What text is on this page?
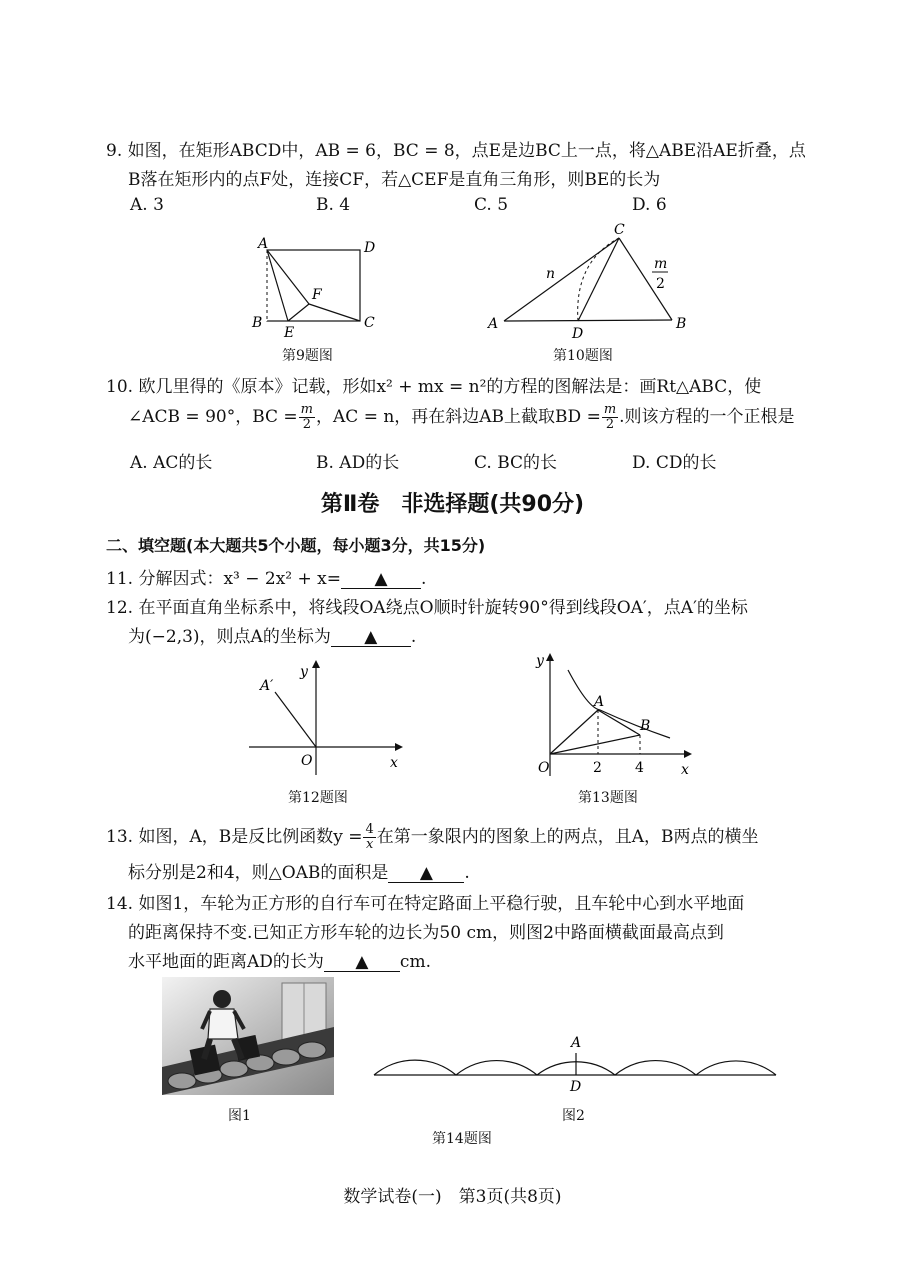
9. 如图，在矩形ABCD中，AB = 6，BC = 8，点E是边BC上一点，将△ABE沿AE折叠，点
B落在矩形内的点F处，连接CF，若△CEF是直角三角形，则BE的长为
A. 3	B. 4	C. 5	D. 6
A	D
F
B
E
C
第9题图
C
n
m
2
A
D
B
第10题图
10. 欧几里得的《原本》记载，形如x² + mx = n²的方程的图解法是：画Rt△ABC，使
∠ACB = 90°，BC = $\frac{m}{2}$ ，AC = n，再在斜边AB上截取BD = $\frac{m}{2}$ .则该方程的一个正根是
A. AC的长	B. AD的长	C. BC的长	D. CD的长
第Ⅱ卷　非选择题(共90分)
二、填空题(本大题共5个小题，每小题3分，共15分)
11. 分解因式：x³ − 2x² + x= ▲ .
12. 在平面直角坐标系中，将线段OA绕点O顺时针旋转90°得到线段OA′，点A′的坐标
为(−2,3)，则点A的坐标为 ▲ .
A′
y
O	x
第12题图
y
A
B
O	2 4	x
第13题图
13. 如图，A，B是反比例函数$y = \frac{4}{x}$ 在第一象限内的图象上的两点，且A，B两点的横坐
标分别是2和4，则△OAB的面积是 ▲ .
14. 如图1，车轮为正方形的自行车可在特定路面上平稳行驶，且车轮中心到水平地面
的距离保持不变.已知正方形车轮的边长为50 cm，则图2中路面横截面最高点到
水平地面的距离AD的长为 ▲ cm.
图1
A
D
图2
第14题图
数学试卷(一)　第3页(共8页)
